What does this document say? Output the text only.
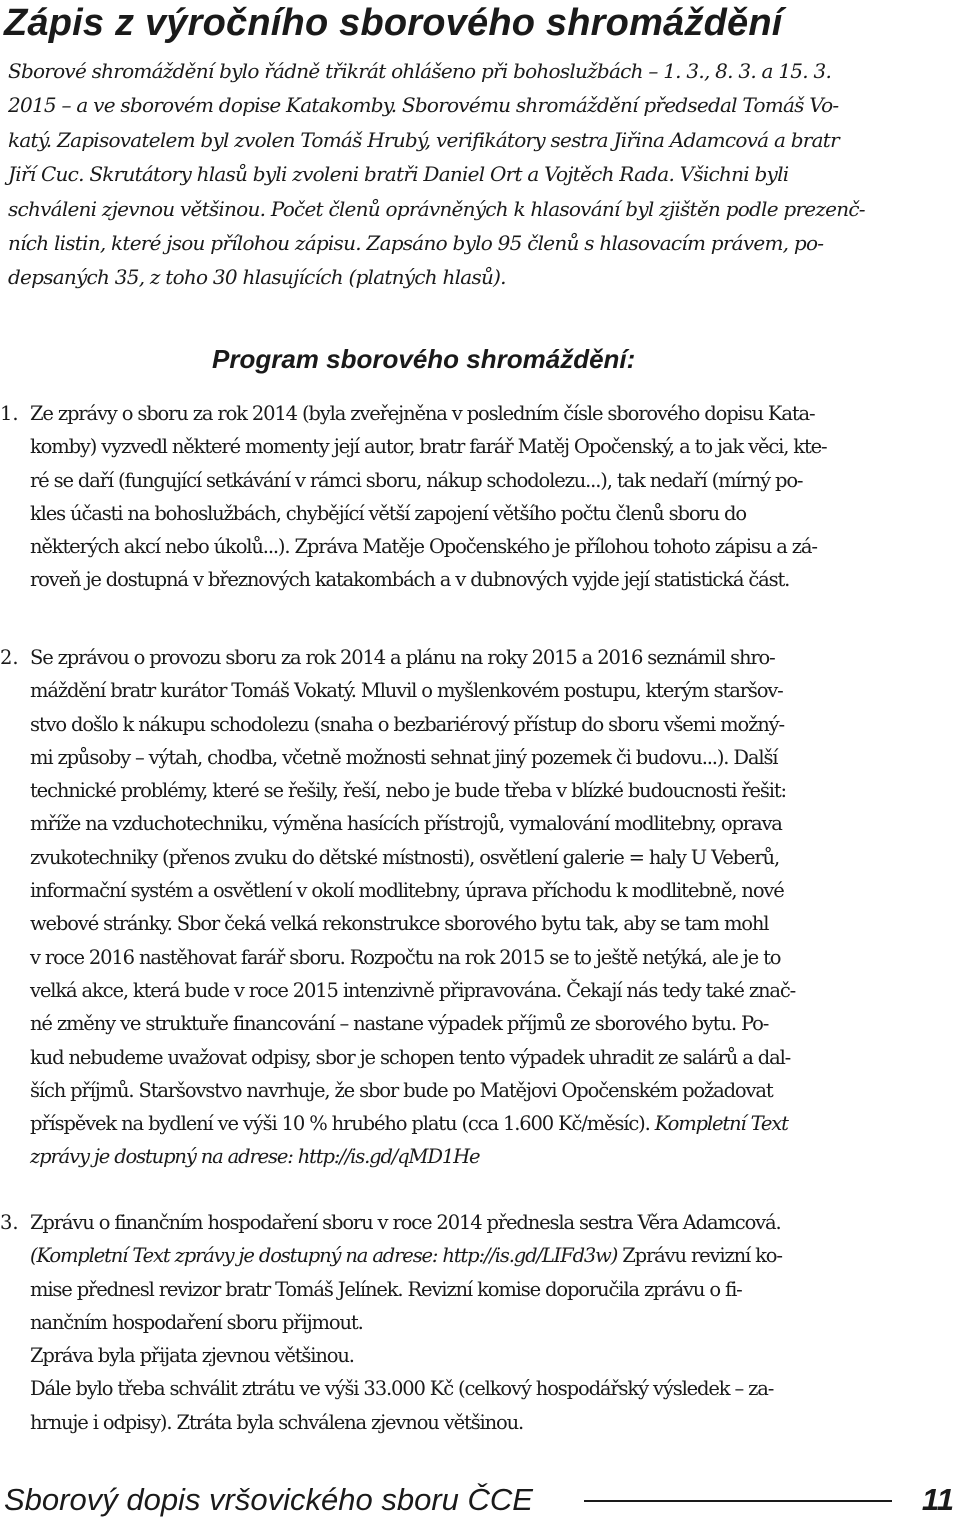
Zápis z výročního sborového shromáždění
Sborové shromáždění bylo řádně třikrát ohlášeno při bohoslužbách – 1. 3., 8. 3. a 15. 3.
2015 – a ve sborovém dopise Katakomby. Sborovému shromáždění předsedal Tomáš Vo-
katý. Zapisovatelem byl zvolen Tomáš Hrubý, verifikátory sestra Jiřina Adamcová a bratr
Jiří Cuc. Skrutátory hlasů byli zvoleni bratři Daniel Ort a Vojtěch Rada. Všichni byli
schváleni zjevnou většinou. Počet členů oprávněných k hlasování byl zjištěn podle prezenč-
ních listin, které jsou přílohou zápisu. Zapsáno bylo 95 členů s hlasovacím právem, po-
depsaných 35, z toho 30 hlasujících (platných hlasů).
Program sborového shromáždění:
1. Ze zprávy o sboru za rok 2014 (byla zveřejněna v posledním čísle sborového dopisu Kata-
komby) vyzvedl některé momenty její autor, bratr farář Matěj Opočenský, a to jak věci, kte-
ré se daří (fungující setkávání v rámci sboru, nákup schodolezu...), tak nedaří (mírný po-
kles účasti na bohoslužbách, chybějící větší zapojení většího počtu členů sboru do
některých akcí nebo úkolů...). Zpráva Matěje Opočenského je přílohou tohoto zápisu a zá-
roveň je dostupná v březnových katakombách a v dubnových vyjde její statistická část.
2. Se zprávou o provozu sboru za rok 2014 a plánu na roky 2015 a 2016 seznámil shro-
máždění bratr kurátor Tomáš Vokatý. Mluvil o myšlenkovém postupu, kterým staršov-
stvo došlo k nákupu schodolezu (snaha o bezbariérový přístup do sboru všemi možný-
mi způsoby – výtah, chodba, včetně možnosti sehnat jiný pozemek či budovu...). Další
technické problémy, které se řešily, řeší, nebo je bude třeba v blízké budoucnosti řešit:
mříže na vzduchotechniku, výměna hasících přístrojů, vymalování modlitebny, oprava
zvukotechniky (přenos zvuku do dětské místnosti), osvětlení galerie = haly U Veberů,
informační systém a osvětlení v okolí modlitebny, úprava příchodu k modlitebně, nové
webové stránky. Sbor čeká velká rekonstrukce sborového bytu tak, aby se tam mohl
v roce 2016 nastěhovat farář sboru. Rozpočtu na rok 2015 se to ještě netýká, ale je to
velká akce, která bude v roce 2015 intenzivně připravována. Čekají nás tedy také znač-
né změny ve struktuře financování – nastane výpadek příjmů ze sborového bytu. Po-
kud nebudeme uvažovat odpisy, sbor je schopen tento výpadek uhradit ze salárů a dal-
ších příjmů. Staršovstvo navrhuje, že sbor bude po Matějovi Opočenském požadovat
příspěvek na bydlení ve výši 10 % hrubého platu (cca 1.600 Kč/měsíc). Kompletní Text
zprávy je dostupný na adrese: http://is.gd/qMD1He
3. Zprávu o finančním hospodaření sboru v roce 2014 přednesla sestra Věra Adamcová.
(Kompletní Text zprávy je dostupný na adrese: http://is.gd/LIFd3w) Zprávu revizní ko-
mise přednesl revizor bratr Tomáš Jelínek. Revizní komise doporučila zprávu o fi-
nančním hospodaření sboru přijmout.
Zpráva byla přijata zjevnou většinou.
Dále bylo třeba schválit ztrátu ve výši 33.000 Kč (celkový hospodářský výsledek – za-
hrnuje i odpisy). Ztráta byla schválena zjevnou většinou.
Sborový dopis vršovického sboru ČCE	11
